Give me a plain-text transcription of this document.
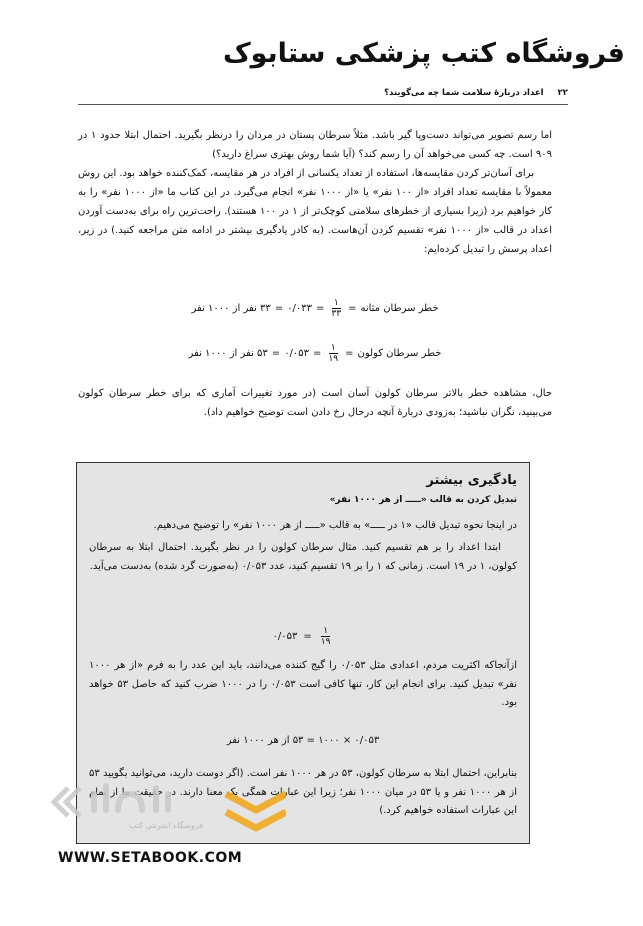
فروشگاه کتب پزشکی ستابوک
۲۲
اعداد دربارۀ سلامت شما چه می‌گویند؟

اما رسم تصویر می‌تواند دست‌وپا گیر باشد. مثلاً سرطان پستان در مردان را درنظر بگیرید. احتمال ابتلا حدود ۱ در ۹۰۹ است. چه کسی می‌خواهد آن را رسم کند؟ (آیا شما روش بهتری سراغ دارید؟)

برای آسان‌تر کردن مقایسه‌ها، استفاده از تعداد یکسانی از افراد در هر مقایسه، کمک‌کننده خواهد بود. این روش معمولاً با مقایسه تعداد افراد «از ۱۰۰ نفر» یا «از ۱۰۰۰ نفر» انجام می‌گیرد. در این کتاب ما «از ۱۰۰۰ نفر» را به کار خواهیم برد (زیرا بسیاری از خطرهای سلامتی کوچک‌تر از ۱ در ۱۰۰ هستند). راحت‌ترین راه برای به‌دست آوردن اعداد در قالب «از ۱۰۰۰ نفر» تقسیم کردن آن‌هاست. (به کادر یادگیری بیشتر در ادامه متن مراجعه کنید.) در زیر، اعداد پرسش را تبدیل کرده‌ایم:

خطر سرطان مثانه
=
$\frac{۱}{۳۳}$
=
۰/۰۳۳
=
۳۳ نفر از ۱۰۰۰ نفر
خطر سرطان کولون
=
$\frac{۱}{۱۹}$
=
۰/۰۵۳
=
۵۳ نفر از ۱۰۰۰ نفر

حال، مشاهده خطر بالاتر سرطان کولون آسان است (در مورد تغییرات آماری که برای خطر سرطان کولون می‌بینید، نگران نباشید؛ به‌زودی دربارۀ آنچه درحال رخ دادن است توضیح خواهیم داد).

یادگیری بیشتر
تبدیل کردن به قالب «ـــــ از هر ۱۰۰۰ نفر»

در اینجا نحوه تبدیل قالب «۱ در ـــــ» به قالب «ـــــ از هر ۱۰۰۰ نفر» را توضیح می‌دهیم.

ابتدا اعداد را بر هم تقسیم کنید. مثال سرطان کولون را در نظر بگیرید. احتمال ابتلا به سرطان کولون، ۱ در ۱۹ است. زمانی که ۱ را بر ۱۹ تقسیم کنید، عدد ۰/۰۵۳ (به‌صورت گرد شده) به‌دست می‌آید.

$\frac{۱}{۱۹}$
=
۰/۰۵۳

ازآنجاکه اکثریت مردم، اعدادی مثل ۰/۰۵۳ را گیج کننده می‌دانند، باید این عدد را به فرم «از هر ۱۰۰۰ نفر» تبدیل کنید. برای انجام این کار، تنها کافی است ۰/۰۵۳ را در ۱۰۰۰ ضرب کنید که حاصل ۵۳ خواهد بود.

۰/۰۵۳ × ۱۰۰۰ = ۵۳ از هر ۱۰۰۰ نفر

بنابراین، احتمال ابتلا به سرطان کولون، ۵۳ در هر ۱۰۰۰ نفر است. (اگر دوست دارید، می‌توانید بگویید ۵۳ از هر ۱۰۰۰ نفر و یا ۵۳ در میان ۱۰۰۰ نفر؛ زیرا این عبارات همگی یک معنا دارند. در حقیقت ما از تمام این عبارات استفاده خواهیم کرد.)

فروشگاه اینترنتی کتب
WWW.SETABOOK.COM
